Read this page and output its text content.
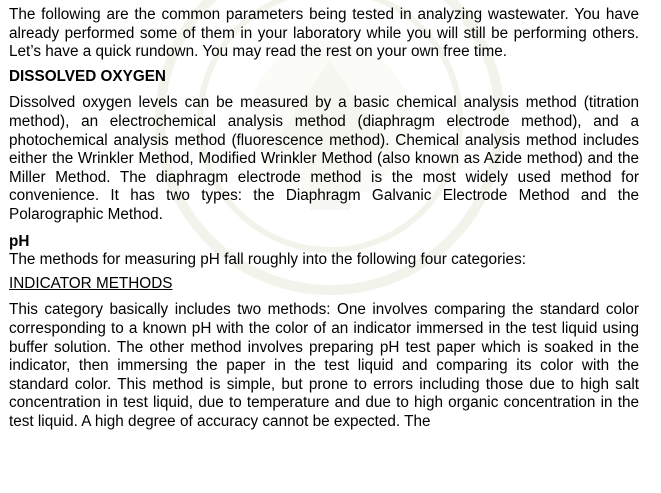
The following are the common parameters being tested in analyzing wastewater. You have already performed some of them in your laboratory while you will still be performing others. Let’s have a quick rundown. You may read the rest on your own free time.

DISSOLVED OXYGEN

Dissolved oxygen levels can be measured by a basic chemical analysis method (titration method), an electrochemical analysis method (diaphragm electrode method), and a photochemical analysis method (fluorescence method). Chemical analysis method includes either the Wrinkler Method, Modified Wrinkler Method (also known as Azide method) and the Miller Method. The diaphragm electrode method is the most widely used method for convenience. It has two types: the Diaphragm Galvanic Electrode Method and the Polarographic Method.

pH

The methods for measuring pH fall roughly into the following four categories:

INDICATOR METHODS

This category basically includes two methods: One involves comparing the standard color corresponding to a known pH with the color of an indicator immersed in the test liquid using buffer solution. The other method involves preparing pH test paper which is soaked in the indicator, then immersing the paper in the test liquid and comparing its color with the standard color. This method is simple, but prone to errors including those due to high salt concentration in test liquid, due to temperature and due to high organic concentration in the test liquid. A high degree of accuracy cannot be expected. The
